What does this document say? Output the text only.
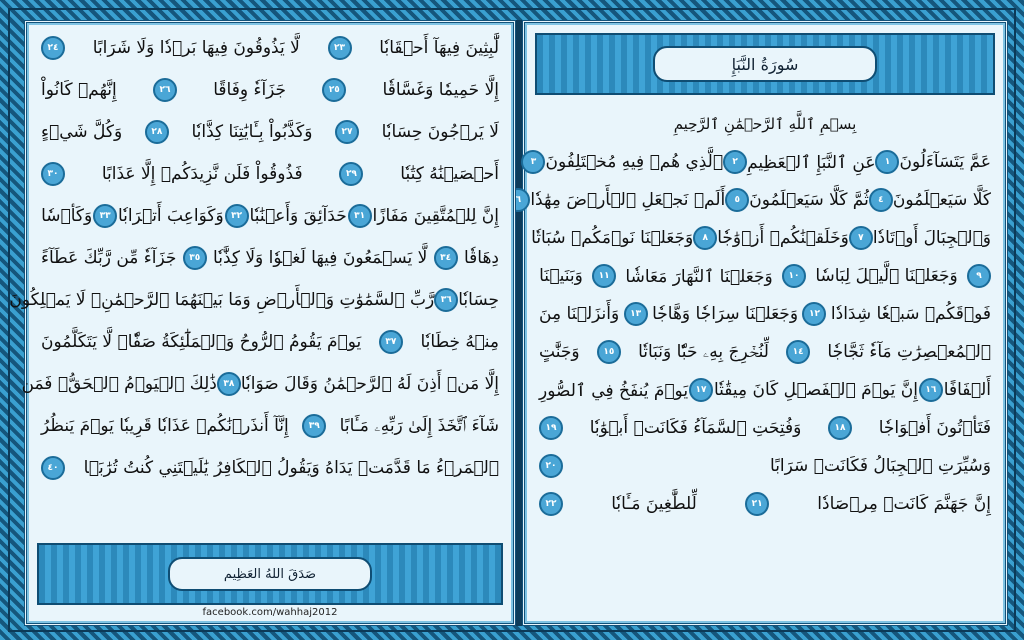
سُورَةُ النَّبَإِ
بِسۡمِ ٱللَّهِ ٱلرَّحۡمَٰنِ ٱلرَّحِيمِ
عَمَّ يَتَسَآءَلُونَ
١
عَنِ ٱلنَّبَإِ ٱلۡعَظِيمِ
٢
ٱلَّذِي هُمۡ فِيهِ مُخۡتَلِفُونَ
٣
كَلَّا سَيَعۡلَمُونَ
٤
ثُمَّ كَلَّا سَيَعۡلَمُونَ
٥
أَلَمۡ نَجۡعَلِ ٱلۡأَرۡضَ مِهَٰدٗا
٦
وَٱلۡجِبَالَ أَوۡتَادٗا
٧
وَخَلَقۡنَٰكُمۡ أَزۡوَٰجٗا
٨
وَجَعَلۡنَا نَوۡمَكُمۡ سُبَاتٗا
٩
وَجَعَلۡنَا ٱلَّيۡلَ لِبَاسٗا
١٠
وَجَعَلۡنَا ٱلنَّهَارَ مَعَاشٗا
١١
وَبَنَيۡنَا
فَوۡقَكُمۡ سَبۡعٗا شِدَادٗا
١٢
وَجَعَلۡنَا سِرَاجٗا وَهَّاجٗا
١٣
وَأَنزَلۡنَا مِنَ
ٱلۡمُعۡصِرَٰتِ مَآءٗ ثَجَّاجٗا
١٤
لِّنُخۡرِجَ بِهِۦ حَبّٗا وَنَبَاتٗا
١٥
وَجَنَّٰتٍ
أَلۡفَافًا
١٦
إِنَّ يَوۡمَ ٱلۡفَصۡلِ كَانَ مِيقَٰتٗا
١٧
يَوۡمَ يُنفَخُ فِي ٱلصُّورِ
فَتَأۡتُونَ أَفۡوَاجٗا
١٨
وَفُتِحَتِ ٱلسَّمَآءُ فَكَانَتۡ أَبۡوَٰبٗا
١٩
وَسُيِّرَتِ ٱلۡجِبَالُ فَكَانَتۡ سَرَابًا
٢٠
إِنَّ جَهَنَّمَ كَانَتۡ مِرۡصَادٗا
٢١
لِّلطَّٰغِينَ مَـَٔابٗا
٢٢
لَّٰبِثِينَ فِيهَآ أَحۡقَابٗا
٢٣
لَّا يَذُوقُونَ فِيهَا بَرۡدٗا وَلَا شَرَابًا
٢٤
إِلَّا حَمِيمٗا وَغَسَّاقٗا
٢٥
جَزَآءٗ وِفَاقًا
٢٦
إِنَّهُمۡ كَانُواْ
لَا يَرۡجُونَ حِسَابٗا
٢٧
وَكَذَّبُواْ بِـَٔايَٰتِنَا كِذَّابٗا
٢٨
وَكُلَّ شَيۡءٍ
أَحۡصَيۡنَٰهُ كِتَٰبٗا
٢٩
فَذُوقُواْ فَلَن نَّزِيدَكُمۡ إِلَّا عَذَابًا
٣٠
إِنَّ لِلۡمُتَّقِينَ مَفَازًا
٣١
حَدَآئِقَ وَأَعۡنَٰبٗا
٣٢
وَكَوَاعِبَ أَتۡرَابٗا
٣٣
وَكَأۡسٗا
دِهَاقٗا
٣٤
لَّا يَسۡمَعُونَ فِيهَا لَغۡوٗا وَلَا كِذَّٰبٗا
٣٥
جَزَآءٗ مِّن رَّبِّكَ عَطَآءً
حِسَابٗا
٣٦
رَّبِّ ٱلسَّمَٰوَٰتِ وَٱلۡأَرۡضِ وَمَا بَيۡنَهُمَا ٱلرَّحۡمَٰنِۖ لَا يَمۡلِكُونَ
مِنۡهُ خِطَابٗا
٣٧
يَوۡمَ يَقُومُ ٱلرُّوحُ وَٱلۡمَلَٰٓئِكَةُ صَفّٗاۖ لَّا يَتَكَلَّمُونَ
إِلَّا مَنۡ أَذِنَ لَهُ ٱلرَّحۡمَٰنُ وَقَالَ صَوَابٗا
٣٨
ذَٰلِكَ ٱلۡيَوۡمُ ٱلۡحَقُّۖ فَمَن
شَآءَ ٱتَّخَذَ إِلَىٰ رَبِّهِۦ مَـَٔابًا
٣٩
إِنَّآ أَنذَرۡنَٰكُمۡ عَذَابٗا قَرِيبٗا يَوۡمَ يَنظُرُ
ٱلۡمَرۡءُ مَا قَدَّمَتۡ يَدَاهُ وَيَقُولُ ٱلۡكَافِرُ يَٰلَيۡتَنِي كُنتُ تُرَٰبَۢا
٤٠
صَدَقَ اللهُ العَظِيم
facebook.com/wahhaj2012
